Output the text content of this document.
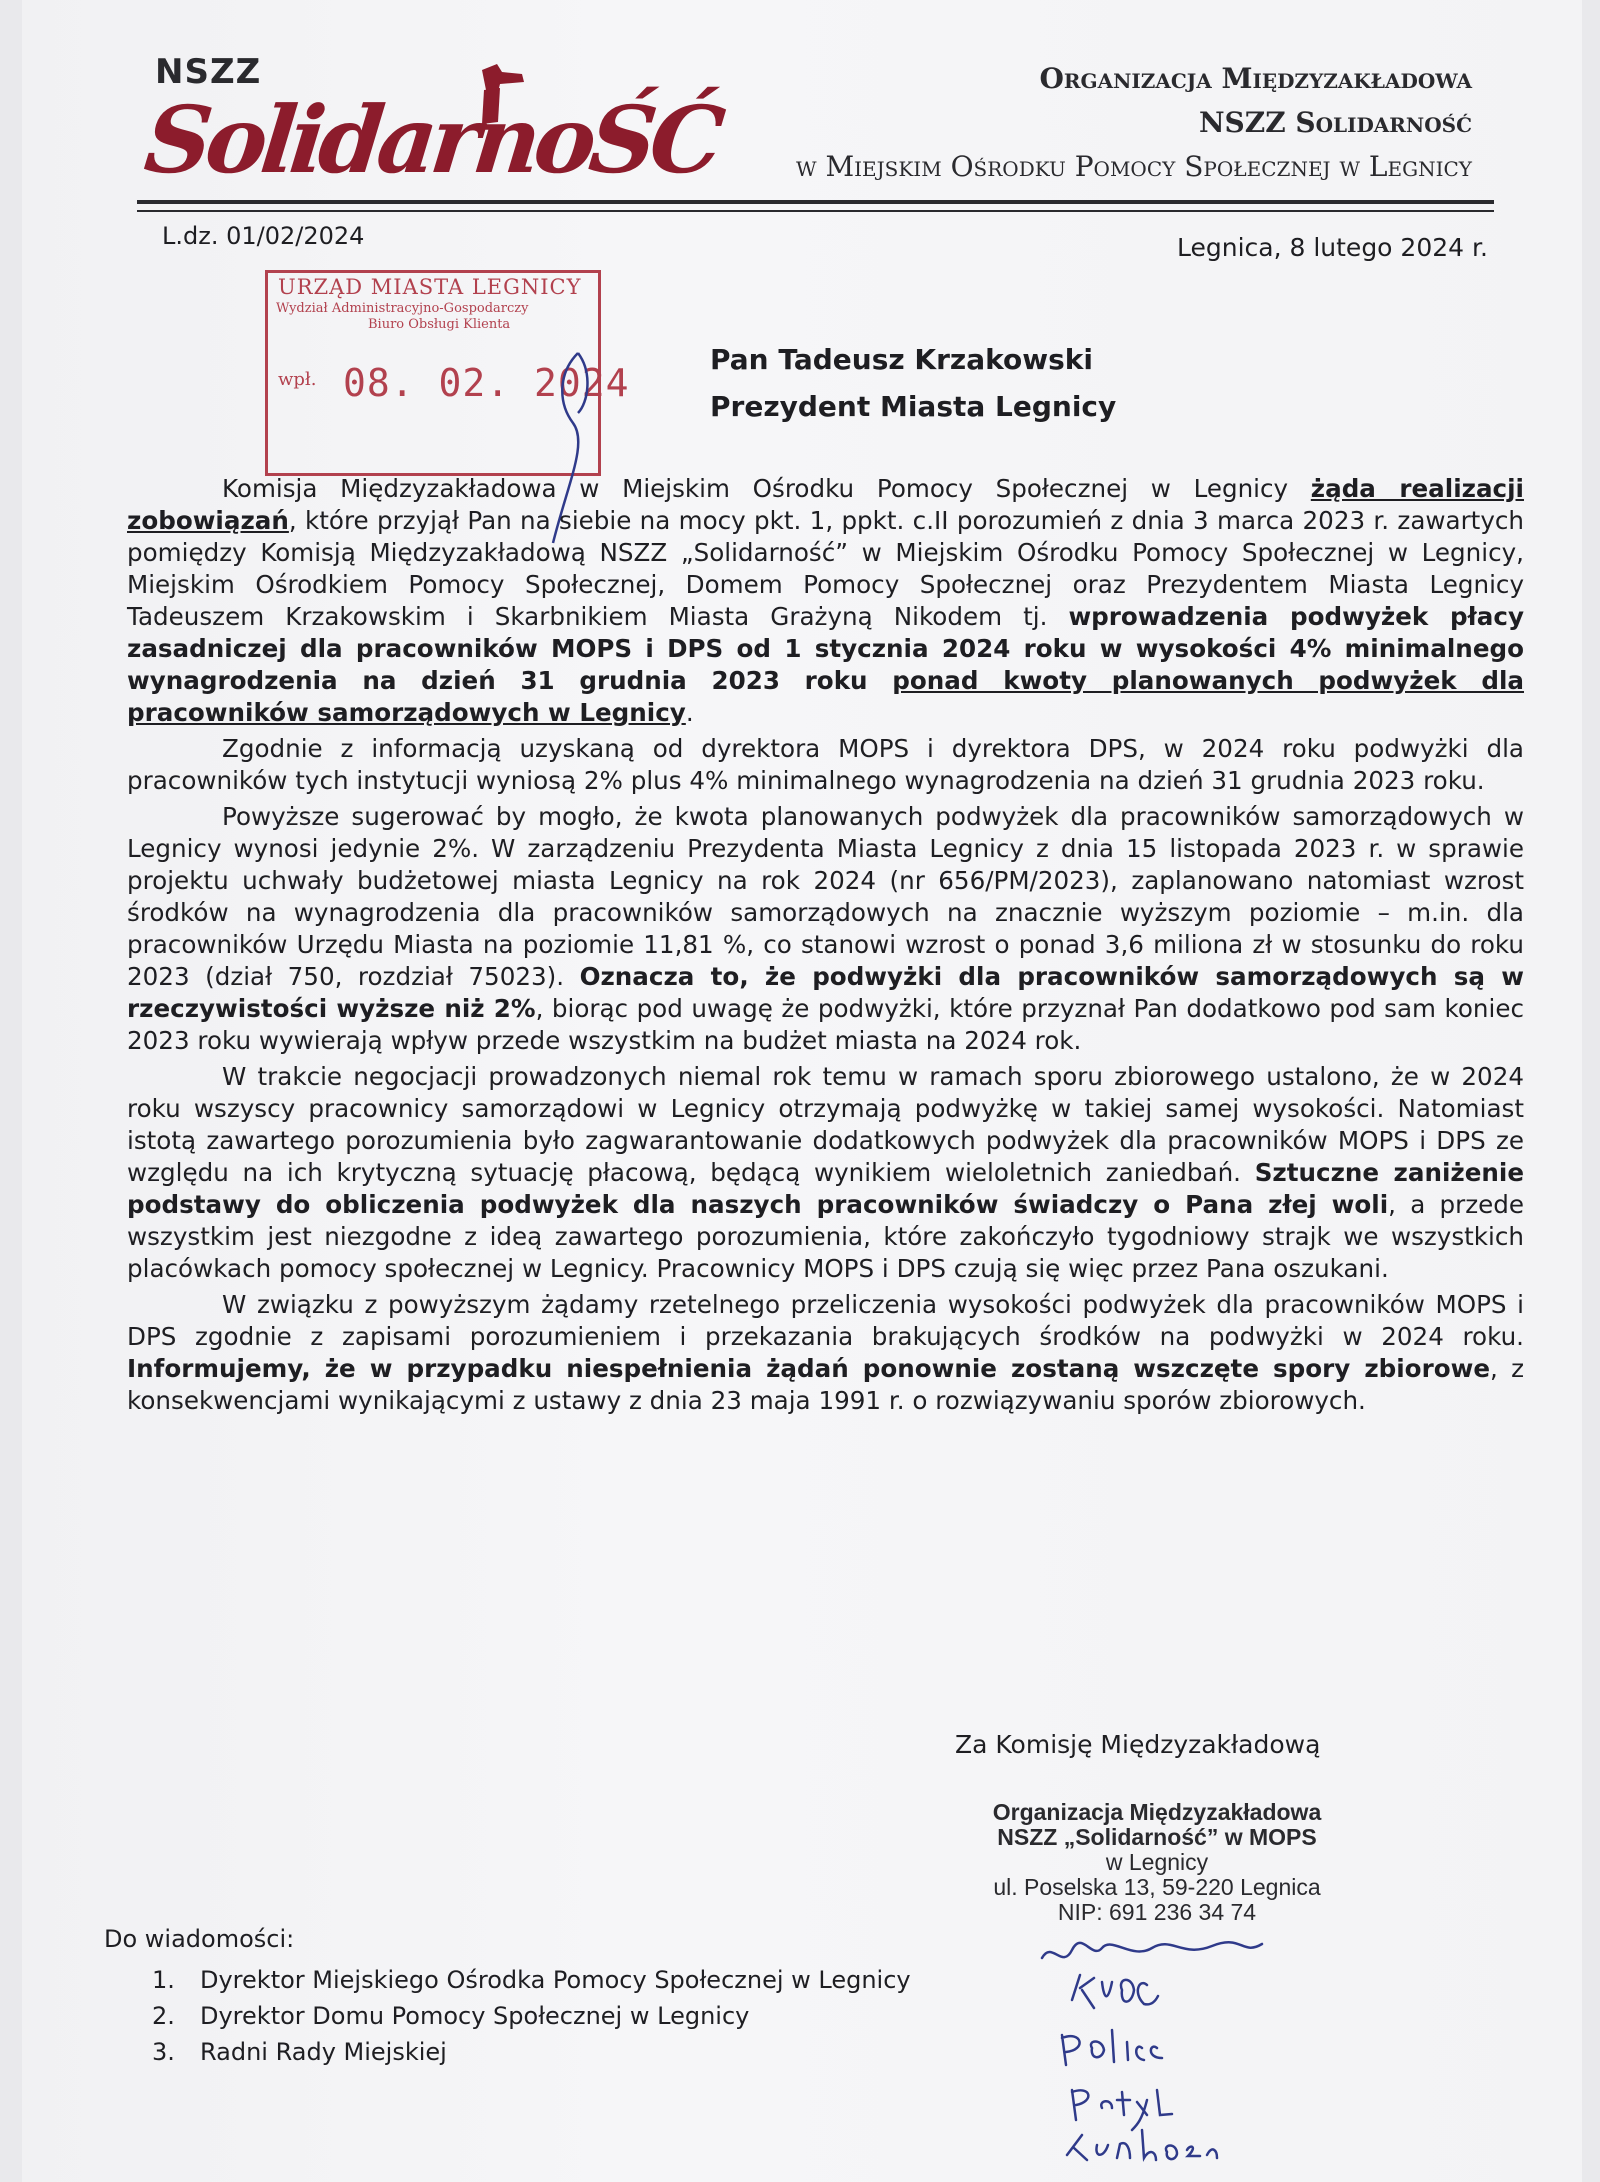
NSZZ
SolidarnoŚĆ
Organizacja Międzyzakładowa
NSZZ Solidarność
w Miejskim Ośrodku Pomocy Społecznej w Legnicy
L.dz. 01/02/2024	Legnica, 8 lutego 2024 r.
URZĄD MIASTA LEGNICY
Wydział Administracyjno-Gospodarczy
Biuro Obsługi Klienta
wpł. 08. 02. 2024
Pan Tadeusz Krzakowski
Prezydent Miasta Legnicy

Komisja Międzyzakładowa w Miejskim Ośrodku Pomocy Społecznej w Legnicy żąda realizacji zobowiązań, które przyjął Pan na siebie na mocy pkt. 1, ppkt. c.II porozumień z dnia 3 marca 2023 r. zawartych pomiędzy Komisją Międzyzakładową NSZZ „Solidarność” w Miejskim Ośrodku Pomocy Społecznej w Legnicy, Miejskim Ośrodkiem Pomocy Społecznej, Domem Pomocy Społecznej oraz Prezydentem Miasta Legnicy Tadeuszem Krzakowskim i Skarbnikiem Miasta Grażyną Nikodem tj. wprowadzenia podwyżek płacy zasadniczej dla pracowników MOPS i DPS od 1 stycznia 2024 roku w wysokości 4% minimalnego wynagrodzenia na dzień 31 grudnia 2023 roku ponad kwoty planowanych podwyżek dla pracowników samorządowych w Legnicy.

Zgodnie z informacją uzyskaną od dyrektora MOPS i dyrektora DPS, w 2024 roku podwyżki dla pracowników tych instytucji wyniosą 2% plus 4% minimalnego wynagrodzenia na dzień 31 grudnia 2023 roku.

Powyższe sugerować by mogło, że kwota planowanych podwyżek dla pracowników samorządowych w Legnicy wynosi jedynie 2%. W zarządzeniu Prezydenta Miasta Legnicy z dnia 15 listopada 2023 r. w sprawie projektu uchwały budżetowej miasta Legnicy na rok 2024 (nr 656/PM/2023), zaplanowano natomiast wzrost środków na wynagrodzenia dla pracowników samorządowych na znacznie wyższym poziomie – m.in. dla pracowników Urzędu Miasta na poziomie 11,81 %, co stanowi wzrost o ponad 3,6 miliona zł w stosunku do roku 2023 (dział 750, rozdział 75023). Oznacza to, że podwyżki dla pracowników samorządowych są w rzeczywistości wyższe niż 2%, biorąc pod uwagę że podwyżki, które przyznał Pan dodatkowo pod sam koniec 2023 roku wywierają wpływ przede wszystkim na budżet miasta na 2024 rok.

W trakcie negocjacji prowadzonych niemal rok temu w ramach sporu zbiorowego ustalono, że w 2024 roku wszyscy pracownicy samorządowi w Legnicy otrzymają podwyżkę w takiej samej wysokości. Natomiast istotą zawartego porozumienia było zagwarantowanie dodatkowych podwyżek dla pracowników MOPS i DPS ze względu na ich krytyczną sytuację płacową, będącą wynikiem wieloletnich zaniedbań. Sztuczne zaniżenie podstawy do obliczenia podwyżek dla naszych pracowników świadczy o Pana złej woli, a przede wszystkim jest niezgodne z ideą zawartego porozumienia, które zakończyło tygodniowy strajk we wszystkich placówkach pomocy społecznej w Legnicy. Pracownicy MOPS i DPS czują się więc przez Pana oszukani.

W związku z powyższym żądamy rzetelnego przeliczenia wysokości podwyżek dla pracowników MOPS i DPS zgodnie z zapisami porozumieniem i przekazania brakujących środków na podwyżki w 2024 roku. Informujemy, że w przypadku niespełnienia żądań ponownie zostaną wszczęte spory zbiorowe, z konsekwencjami wynikającymi z ustawy z dnia 23 maja 1991 r. o rozwiązywaniu sporów zbiorowych.

Za Komisję Międzyzakładową
Organizacja Międzyzakładowa
NSZZ „Solidarność” w MOPS
w Legnicy
ul. Poselska 13, 59-220 Legnica
NIP: 691 236 34 74
Do wiadomości:
1. Dyrektor Miejskiego Ośrodka Pomocy Społecznej w Legnicy
2. Dyrektor Domu Pomocy Społecznej w Legnicy
3. Radni Rady Miejskiej
